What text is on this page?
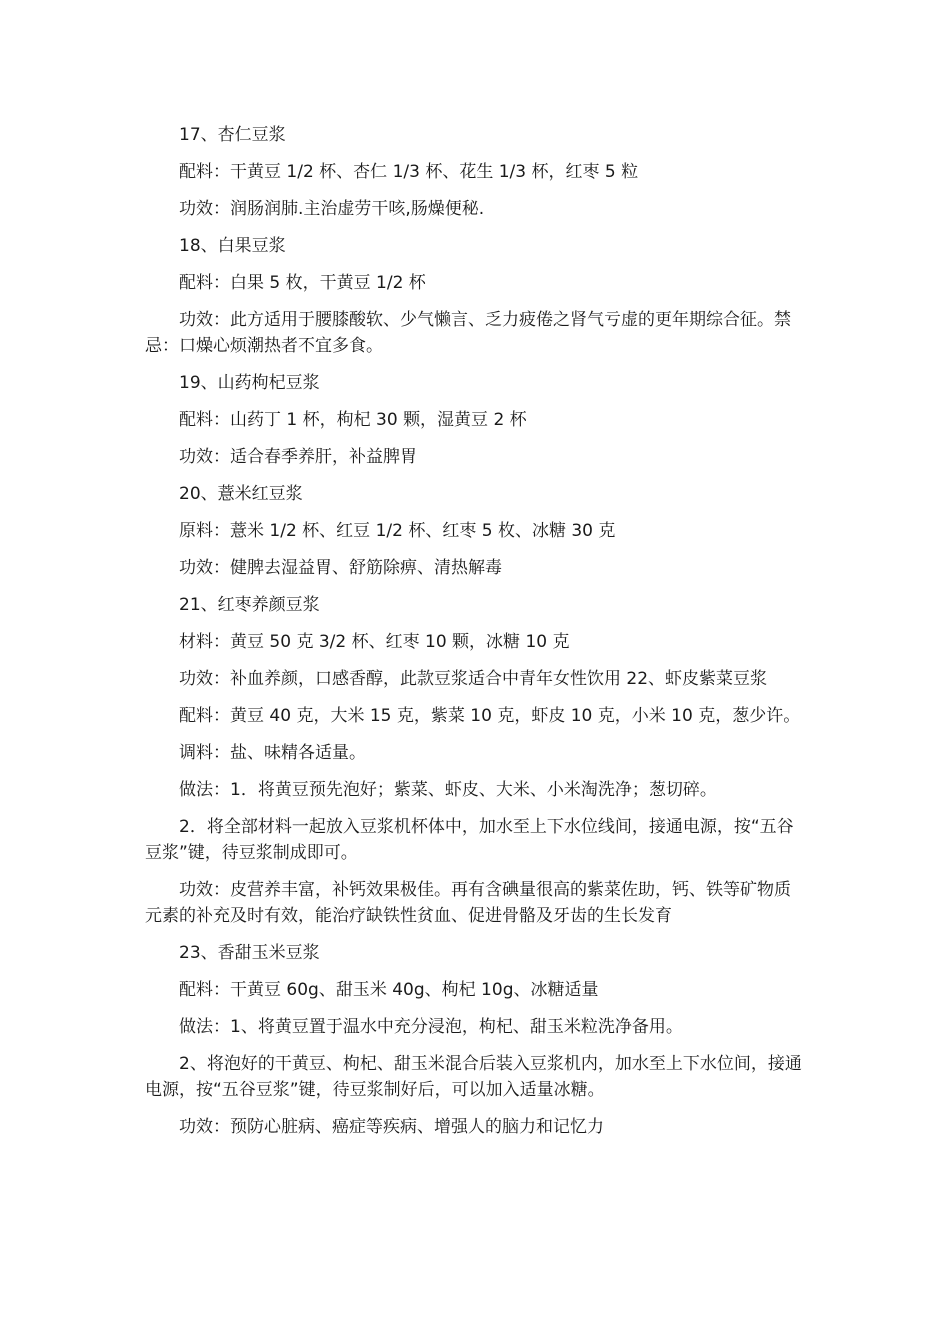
17、杏仁豆浆

配料：干黄豆 1/2 杯、杏仁 1/3 杯、花生 1/3 杯，红枣 5 粒

功效：润肠润肺.主治虚劳干咳,肠燥便秘.

18、白果豆浆

配料：白果 5 枚，干黄豆 1/2 杯

功效：此方适用于腰膝酸软、少气懒言、乏力疲倦之肾气亏虚的更年期综合征。禁忌：口燥心烦潮热者不宜多食。

19、山药枸杞豆浆

配料：山药丁 1 杯，枸杞 30 颗，湿黄豆 2 杯

功效：适合春季养肝，补益脾胃

20、薏米红豆浆

原料：薏米 1/2 杯、红豆 1/2 杯、红枣 5 枚、冰糖 30 克

功效：健脾去湿益胃、舒筋除痹、清热解毒

21、红枣养颜豆浆

材料：黄豆 50 克 3/2 杯、红枣 10 颗，冰糖 10 克

功效：补血养颜，口感香醇，此款豆浆适合中青年女性饮用 22、虾皮紫菜豆浆

配料：黄豆 40 克，大米 15 克，紫菜 10 克，虾皮 10 克，小米 10 克，葱少许。

调料：盐、味精各适量。

做法：1．将黄豆预先泡好；紫菜、虾皮、大米、小米淘洗净；葱切碎。

2．将全部材料一起放入豆浆机杯体中，加水至上下水位线间，接通电源，按“五谷豆浆”键，待豆浆制成即可。

功效：皮营养丰富，补钙效果极佳。再有含碘量很高的紫菜佐助，钙、铁等矿物质元素的补充及时有效，能治疗缺铁性贫血、促进骨骼及牙齿的生长发育

23、香甜玉米豆浆

配料：干黄豆 60g、甜玉米 40g、枸杞 10g、冰糖适量

做法：1、将黄豆置于温水中充分浸泡，枸杞、甜玉米粒洗净备用。

2、将泡好的干黄豆、枸杞、甜玉米混合后装入豆浆机内，加水至上下水位间，接通电源，按“五谷豆浆”键，待豆浆制好后，可以加入适量冰糖。

功效：预防心脏病、癌症等疾病、增强人的脑力和记忆力
